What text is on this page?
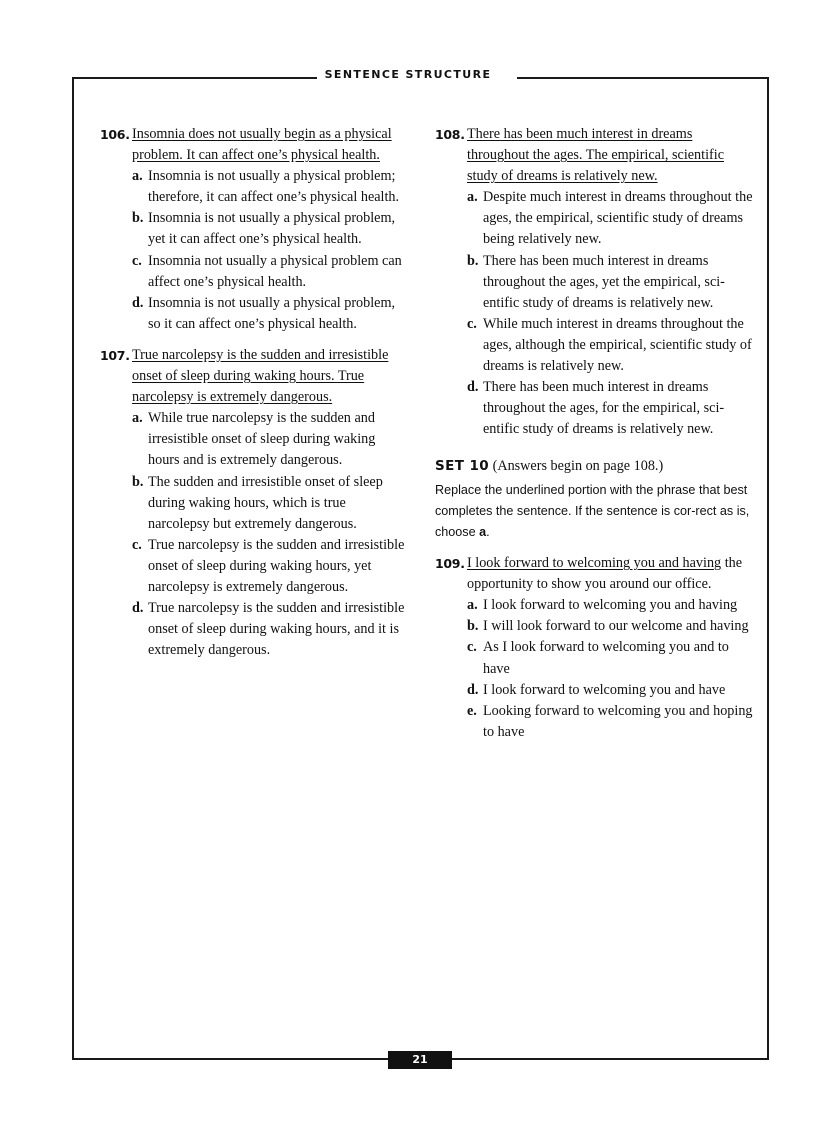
SENTENCE STRUCTURE
106. Insomnia does not usually begin as a physical problem. It can affect one’s physical health.
a. Insomnia is not usually a physical problem; therefore, it can affect one’s physical health.
b. Insomnia is not usually a physical problem, yet it can affect one’s physical health.
c. Insomnia not usually a physical problem can affect one’s physical health.
d. Insomnia is not usually a physical problem, so it can affect one’s physical health.
107. True narcolepsy is the sudden and irresistible onset of sleep during waking hours. True narcolepsy is extremely dangerous.
a. While true narcolepsy is the sudden and irresistible onset of sleep during waking hours and is extremely dangerous.
b. The sudden and irresistible onset of sleep during waking hours, which is true narcolepsy but extremely dangerous.
c. True narcolepsy is the sudden and irresistible onset of sleep during waking hours, yet narcolepsy is extremely dangerous.
d. True narcolepsy is the sudden and irresistible onset of sleep during waking hours, and it is extremely dangerous.
108. There has been much interest in dreams throughout the ages. The empirical, scientific study of dreams is relatively new.
a. Despite much interest in dreams throughout the ages, the empirical, scientific study of dreams being relatively new.
b. There has been much interest in dreams throughout the ages, yet the empirical, sci-entific study of dreams is relatively new.
c. While much interest in dreams throughout the ages, although the empirical, scientific study of dreams is relatively new.
d. There has been much interest in dreams throughout the ages, for the empirical, sci-entific study of dreams is relatively new.
SET 10 (Answers begin on page 108.)
Replace the underlined portion with the phrase that best completes the sentence. If the sentence is cor-rect as is, choose a.
109. I look forward to welcoming you and having the opportunity to show you around our office.
a. I look forward to welcoming you and having
b. I will look forward to our welcome and having
c. As I look forward to welcoming you and to have
d. I look forward to welcoming you and have
e. Looking forward to welcoming you and hoping to have
21
